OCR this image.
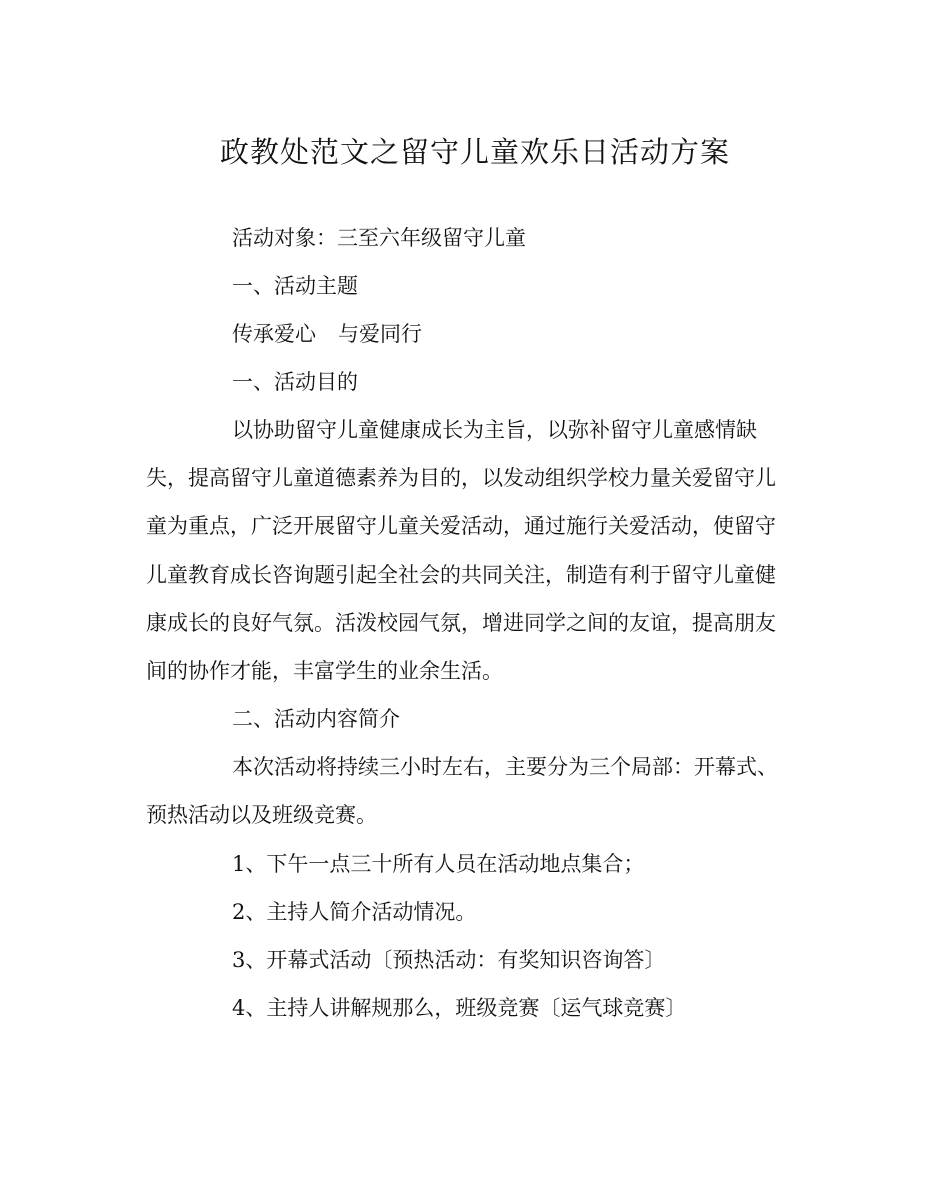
政教处范文之留守儿童欢乐日活动方案

活动对象：三至六年级留守儿童

一、活动主题

传承爱心 与爱同行

一、活动目的

以协助留守儿童健康成长为主旨，以弥补留守儿童感情缺

失，提高留守儿童道德素养为目的，以发动组织学校力量关爱留守儿

童为重点，广泛开展留守儿童关爱活动，通过施行关爱活动，使留守

儿童教育成长咨询题引起全社会的共同关注，制造有利于留守儿童健

康成长的良好气氛。活泼校园气氛，增进同学之间的友谊，提高朋友

间的协作才能，丰富学生的业余生活。

二、活动内容简介

本次活动将持续三小时左右，主要分为三个局部：开幕式、

预热活动以及班级竞赛。

1、下午一点三十所有人员在活动地点集合；

2、主持人简介活动情况。

3、开幕式活动〔预热活动：有奖知识咨询答〕

4、主持人讲解规那么，班级竞赛〔运气球竞赛〕
